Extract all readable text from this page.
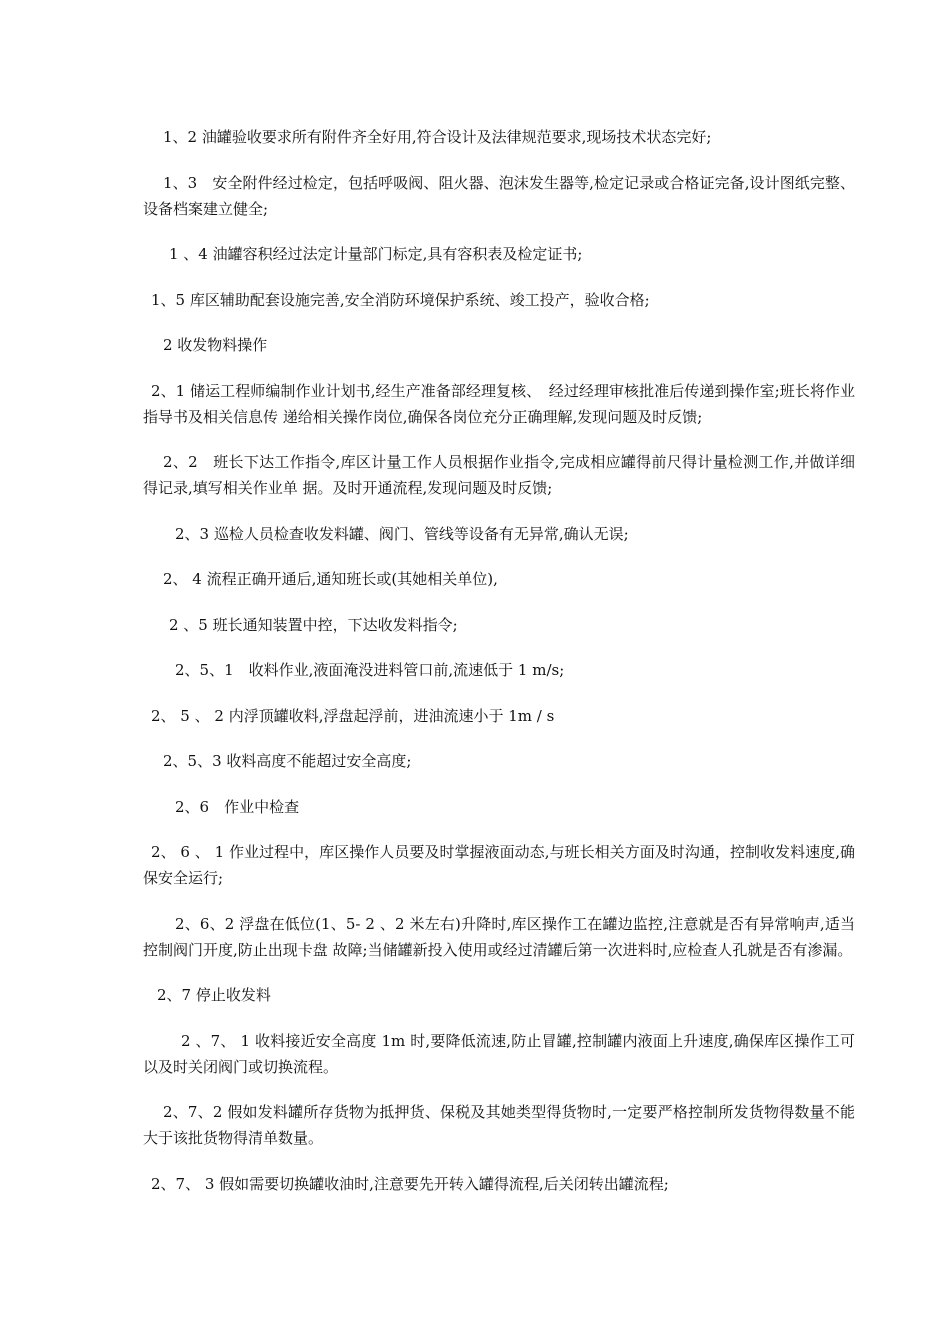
1、2 油罐验收要求所有附件齐全好用,符合设计及法律规范要求,现场技术状态完好;

1、3　安全附件经过检定，包括呼吸阀、阻火器、泡沫发生器等,检定记录或合格证完备,设计图纸完整、设备档案建立健全;

1 、4 油罐容积经过法定计量部门标定,具有容积表及检定证书;

1、5 库区辅助配套设施完善,安全消防环境保护系统、竣工投产，验收合格;

2 收发物料操作

2、1 储运工程师编制作业计划书,经生产准备部经理复核、　经过经理审核批准后传递到操作室;班长将作业指导书及相关信息传 递给相关操作岗位,确保各岗位充分正确理解,发现问题及时反馈;

2、2　班长下达工作指令,库区计量工作人员根据作业指令,完成相应罐得前尺得计量检测工作,并做详细得记录,填写相关作业单 据。及时开通流程,发现问题及时反馈;

2、3 巡检人员检查收发料罐、阀门、管线等设备有无异常,确认无误;

2、 4 流程正确开通后,通知班长或(其她相关单位),

2 、5 班长通知装置中控，下达收发料指令;

2、5、1　收料作业,液面淹没进料管口前,流速低于 1 m/s;

2、 5 、 2 内浮顶罐收料,浮盘起浮前，进油流速小于 1m / s

2、5、3 收料高度不能超过安全高度;

2、6　作业中检查

2、 6 、 1 作业过程中，库区操作人员要及时掌握液面动态,与班长相关方面及时沟通，控制收发料速度,确保安全运行;

2、6、2 浮盘在低位(1、5- 2 、2 米左右)升降时,库区操作工在罐边监控,注意就是否有异常响声,适当控制阀门开度,防止出现卡盘 故障;当储罐新投入使用或经过清罐后第一次进料时,应检查人孔就是否有渗漏。

2、7 停止收发料

2 、7、 1 收料接近安全高度 1m 时,要降低流速,防止冒罐,控制罐内液面上升速度,确保库区操作工可以及时关闭阀门或切换流程。

2、7、2 假如发料罐所存货物为抵押货、保税及其她类型得货物时,一定要严格控制所发货物得数量不能大于该批货物得清单数量。

2、7、 3 假如需要切换罐收油时,注意要先开转入罐得流程,后关闭转出罐流程;
